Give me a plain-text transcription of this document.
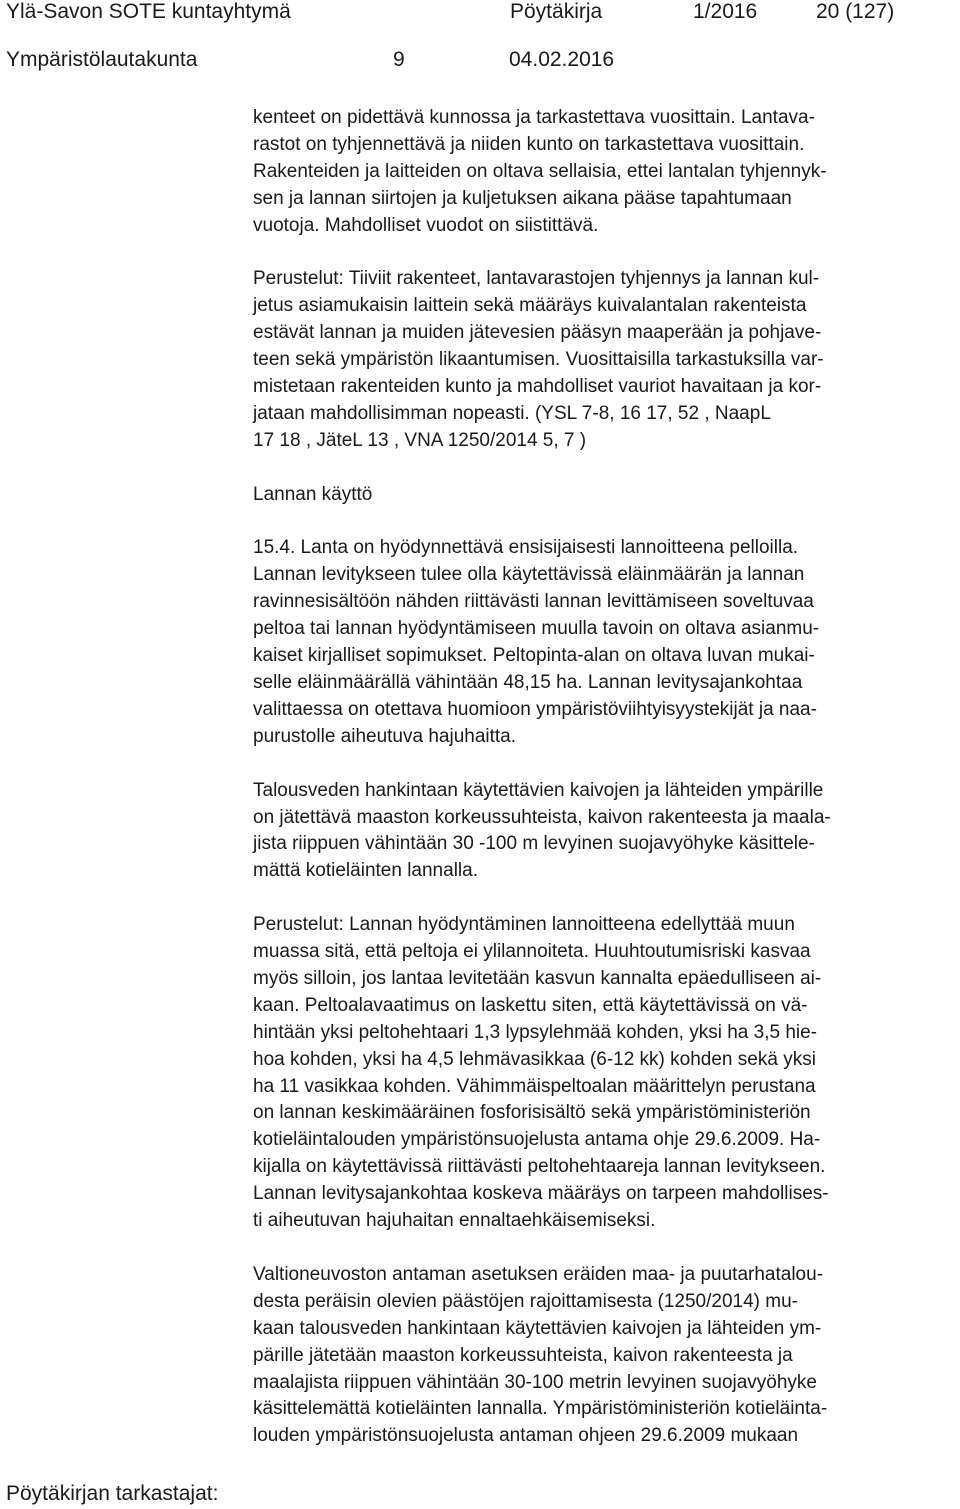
Ylä-Savon SOTE kuntayhtymä	Pöytäkirja	1/2016	20 (127)

Ympäristölautakunta	9	04.02.2016

kenteet on pidettävä kunnossa ja tarkastettava vuosittain. Lantava-
rastot on tyhjennettävä ja niiden kunto on tarkastettava vuosittain.
Rakenteiden ja laitteiden on oltava sellaisia, ettei lantalan tyhjennyk-
sen ja lannan siirtojen ja kuljetuksen aikana pääse tapahtumaan
vuotoja. Mahdolliset vuodot on siistittävä.

Perustelut: Tiiviit rakenteet, lantavarastojen tyhjennys ja lannan kul-
jetus asiamukaisin laittein sekä määräys kuivalantalan rakenteista
estävät lannan ja muiden jätevesien pääsyn maaperään ja pohjave-
teen sekä ympäristön likaantumisen. Vuosittaisilla tarkastuksilla var-
mistetaan rakenteiden kunto ja mahdolliset vauriot havaitaan ja kor-
jataan mahdollisimman nopeasti. (YSL 7-8, 16 17, 52 , NaapL
17 18 , JäteL 13 , VNA 1250/2014 5, 7 )

Lannan käyttö

15.4. Lanta on hyödynnettävä ensisijaisesti lannoitteena pelloilla.
Lannan levitykseen tulee olla käytettävissä eläinmäärän ja lannan
ravinnesisältöön nähden riittävästi lannan levittämiseen soveltuvaa
peltoa tai lannan hyödyntämiseen muulla tavoin on oltava asianmu-
kaiset kirjalliset sopimukset. Peltopinta-alan on oltava luvan mukai-
selle eläinmäärällä vähintään 48,15 ha. Lannan levitysajankohtaa
valittaessa on otettava huomioon ympäristöviihtyisyystekijät ja naa-
purustolle aiheutuva hajuhaitta.

Talousveden hankintaan käytettävien kaivojen ja lähteiden ympärille
on jätettävä maaston korkeussuhteista, kaivon rakenteesta ja maala-
jista riippuen vähintään 30 -100 m levyinen suojavyöhyke käsittele-
mättä kotieläinten lannalla.

Perustelut: Lannan hyödyntäminen lannoitteena edellyttää muun
muassa sitä, että peltoja ei ylilannoiteta. Huuhtoutumisriski kasvaa
myös silloin, jos lantaa levitetään kasvun kannalta epäedulliseen ai-
kaan. Peltoalavaatimus on laskettu siten, että käytettävissä on vä-
hintään yksi peltohehtaari 1,3 lypsylehmää kohden, yksi ha 3,5 hie-
hoa kohden, yksi ha 4,5 lehmävasikkaa (6-12 kk) kohden sekä yksi
ha 11 vasikkaa kohden. Vähimmäispeltoalan määrittelyn perustana
on lannan keskimääräinen fosforisisältö sekä ympäristöministeriön
kotieläintalouden ympäristönsuojelusta antama ohje 29.6.2009. Ha-
kijalla on käytettävissä riittävästi peltohehtaareja lannan levitykseen.
Lannan levitysajankohtaa koskeva määräys on tarpeen mahdollises-
ti aiheutuvan hajuhaitan ennaltaehkäisemiseksi.

Valtioneuvoston antaman asetuksen eräiden maa- ja puutarhatalou-
desta peräisin olevien päästöjen rajoittamisesta (1250/2014) mu-
kaan talousveden hankintaan käytettävien kaivojen ja lähteiden ym-
pärille jätetään maaston korkeussuhteista, kaivon rakenteesta ja
maalajista riippuen vähintään 30-100 metrin levyinen suojavyöhyke
käsittelemättä kotieläinten lannalla. Ympäristöministeriön kotieläinta-
louden ympäristönsuojelusta antaman ohjeen 29.6.2009 mukaan

Pöytäkirjan tarkastajat:
